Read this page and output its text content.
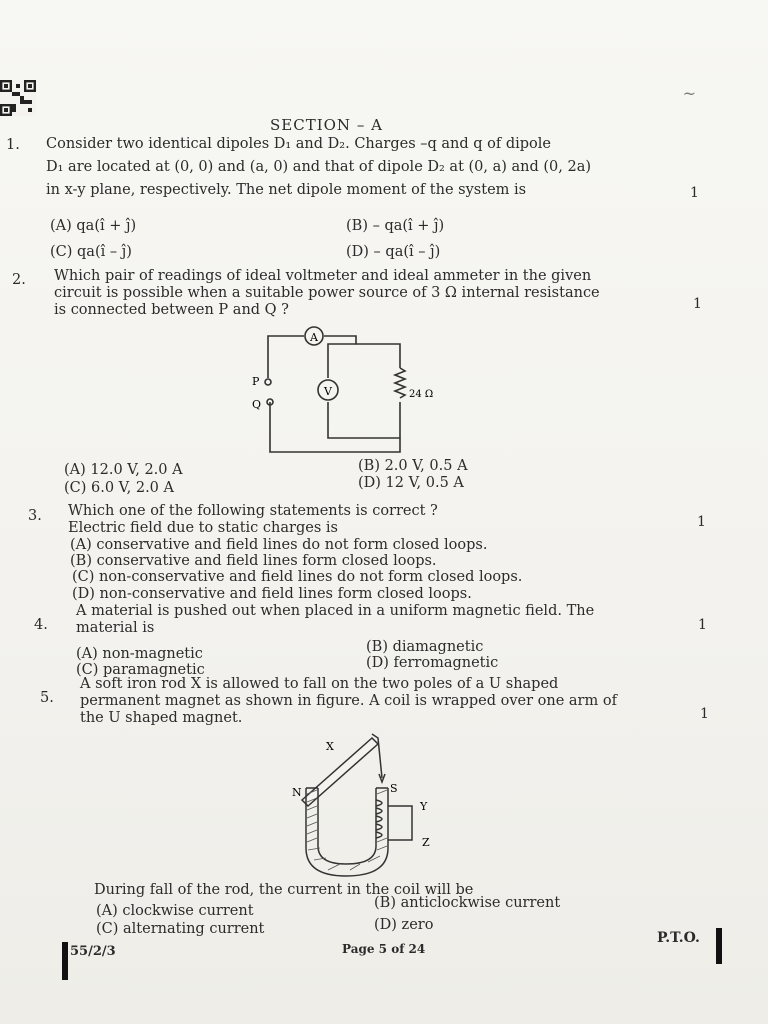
~
SECTION – A
1. Consider two identical dipoles D₁ and D₂. Charges –q and q of dipole
D₁ are located at (0, 0) and (a, 0) and that of dipole D₂ at (0, a) and (0, 2a)
in x-y plane, respectively. The net dipole moment of the system is	1
(A) qa(î + ĵ)	(B) – qa(î + ĵ)
(C) qa(î – ĵ)	(D) – qa(î – ĵ)
2. Which pair of readings of ideal voltmeter and ideal ammeter in the given
circuit is possible when a suitable power source of 3 Ω internal resistance
is connected between P and Q ?	1
A
V
P
Q
24 Ω
(A) 12.0 V, 2.0 A	(B) 2.0 V, 0.5 A
(C) 6.0 V, 2.0 A	(D) 12 V, 0.5 A
3. Which one of the following statements is correct ?
Electric field due to static charges is	1
(A) conservative and field lines do not form closed loops.
(B) conservative and field lines form closed loops.
(C) non-conservative and field lines do not form closed loops.
(D) non-conservative and field lines form closed loops.
4.
A material is pushed out when placed in a uniform magnetic field. The
material is	1
(A) non-magnetic	(B) diamagnetic
(C) paramagnetic	(D) ferromagnetic
5.
A soft iron rod X is allowed to fall on the two poles of a U shaped
permanent magnet as shown in figure. A coil is wrapped over one arm of
the U shaped magnet.	1
X
N	S
Y
Z
During fall of the rod, the current in the coil will be
(A) clockwise current	(B) anticlockwise current
(C) alternating current	(D) zero
55/2/3	Page 5 of 24
P.T.O.
